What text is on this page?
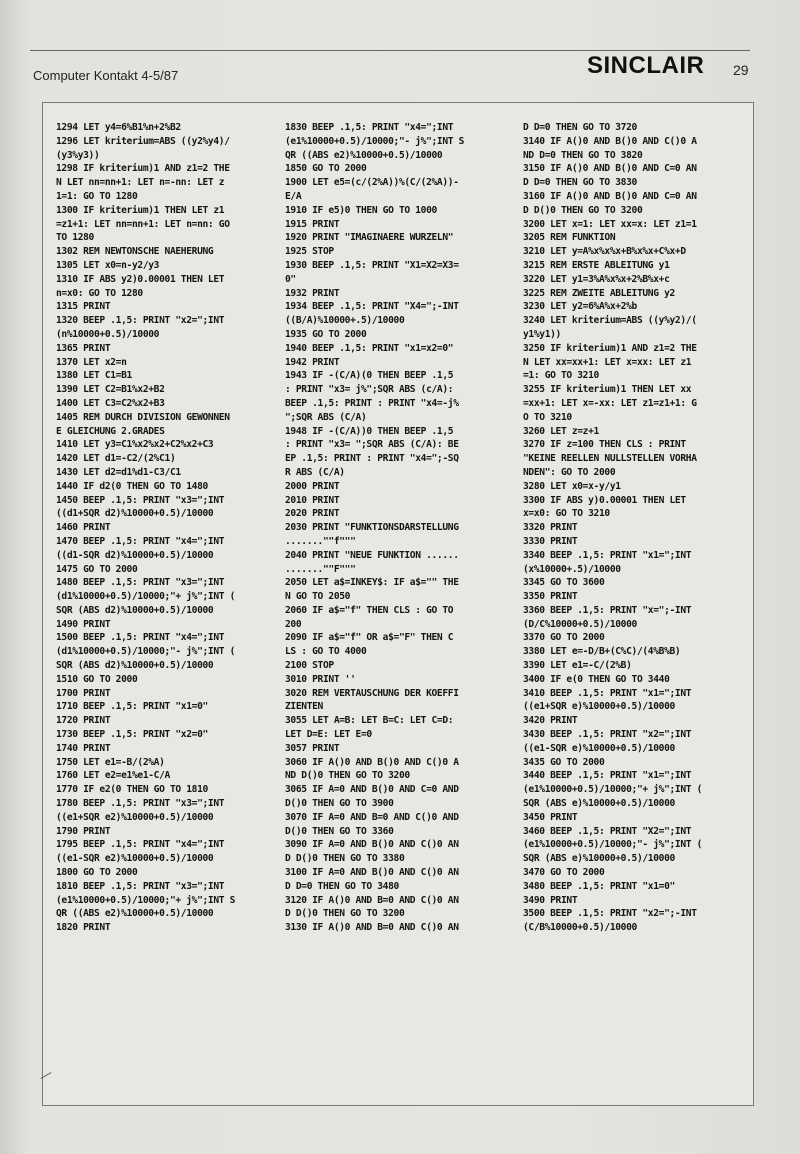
Computer Kontakt 4-5/87	SINCLAIR 29
1294 LET y4=6%B1%n+2%B2
1296 LET kriterium=ABS ((y2%y4)/
(y3%y3))
1298 IF kriterium)1 AND z1=2 THE
N LET nn=nn+1: LET n=-nn: LET z
1=1: GO TO 1280
1300 IF kriterium)1 THEN LET z1
=z1+1: LET nn=nn+1: LET n=nn: GO
TO 1280
1302 REM NEWTONSCHE NAEHERUNG
1305 LET x0=n-y2/y3
1310 IF ABS y2)0.00001 THEN LET
n=x0: GO TO 1280
1315 PRINT
1320 BEEP .1,5: PRINT "x2=";INT
(n%10000+0.5)/10000
1365 PRINT
1370 LET x2=n
1380 LET C1=B1
1390 LET C2=B1%x2+B2
1400 LET C3=C2%x2+B3
1405 REM DURCH DIVISION GEWONNEN
E GLEICHUNG 2.GRADES
1410 LET y3=C1%x2%x2+C2%x2+C3
1420 LET d1=-C2/(2%C1)
1430 LET d2=d1%d1-C3/C1
1440 IF d2(0 THEN GO TO 1480
1450 BEEP .1,5: PRINT "x3=";INT
((d1+SQR d2)%10000+0.5)/10000
1460 PRINT
1470 BEEP .1,5: PRINT "x4=";INT
((d1-SQR d2)%10000+0.5)/10000
1475 GO TO 2000
1480 BEEP .1,5: PRINT "x3=";INT
(d1%10000+0.5)/10000;"+ j%";INT (
SQR (ABS d2)%10000+0.5)/10000
1490 PRINT
1500 BEEP .1,5: PRINT "x4=";INT
(d1%10000+0.5)/10000;"- j%";INT (
SQR (ABS d2)%10000+0.5)/10000
1510 GO TO 2000
1700 PRINT
1710 BEEP .1,5: PRINT "x1=0"
1720 PRINT
1730 BEEP .1,5: PRINT "x2=0"
1740 PRINT
1750 LET e1=-B/(2%A)
1760 LET e2=e1%e1-C/A
1770 IF e2(0 THEN GO TO 1810
1780 BEEP .1,5: PRINT "x3=";INT
((e1+SQR e2)%10000+0.5)/10000
1790 PRINT
1795 BEEP .1,5: PRINT "x4=";INT
((e1-SQR e2)%10000+0.5)/10000
1800 GO TO 2000
1810 BEEP .1,5: PRINT "x3=";INT
(e1%10000+0.5)/10000;"+ j%";INT S
QR ((ABS e2)%10000+0.5)/10000
1820 PRINT
1830 BEEP .1,5: PRINT "x4=";INT
(e1%10000+0.5)/10000;"- j%";INT S
QR ((ABS e2)%10000+0.5)/10000
1850 GO TO 2000
1900 LET e5=(c/(2%A))%(C/(2%A))-
E/A
1910 IF e5)0 THEN GO TO 1000
1915 PRINT
1920 PRINT "IMAGINAERE WURZELN"
1925 STOP
1930 BEEP .1,5: PRINT "X1=X2=X3=
0"
1932 PRINT
1934 BEEP .1,5: PRINT "X4=";-INT
((B/A)%10000+.5)/10000
1935 GO TO 2000
1940 BEEP .1,5: PRINT "x1=x2=0"
1942 PRINT
1943 IF -(C/A)(0 THEN BEEP .1,5
: PRINT "x3= j%";SQR ABS (c/A):
BEEP .1,5: PRINT : PRINT "x4=-j%
";SQR ABS (C/A)
1948 IF -(C/A))0 THEN BEEP .1,5
: PRINT "x3= ";SQR ABS (C/A): BE
EP .1,5: PRINT : PRINT "x4=";-SQ
R ABS (C/A)
2000 PRINT
2010 PRINT
2020 PRINT
2030 PRINT "FUNKTIONSDARSTELLUNG
.......""f"""
2040 PRINT "NEUE FUNKTION ......
.......""F"""
2050 LET a$=INKEY$: IF a$="" THE
N GO TO 2050
2060 IF a$="f" THEN CLS : GO TO
200
2090 IF a$="f" OR a$="F" THEN C
LS : GO TO 4000
2100 STOP
3010 PRINT ''
3020 REM VERTAUSCHUNG DER KOEFFI
ZIENTEN
3055 LET A=B: LET B=C: LET C=D:
LET D=E: LET E=0
3057 PRINT
3060 IF A()0 AND B()0 AND C()0 A
ND D()0 THEN GO TO 3200
3065 IF A=0 AND B()0 AND C=0 AND
D()0 THEN GO TO 3900
3070 IF A=0 AND B=0 AND C()0 AND
D()0 THEN GO TO 3360
3090 IF A=0 AND B()0 AND C()0 AN
D D()0 THEN GO TO 3380
3100 IF A=0 AND B()0 AND C()0 AN
D D=0 THEN GO TO 3480
3120 IF A()0 AND B=0 AND C()0 AN
D D()0 THEN GO TO 3200
3130 IF A()0 AND B=0 AND C()0 AN
D D=0 THEN GO TO 3720
3140 IF A()0 AND B()0 AND C()0 A
ND D=0 THEN GO TO 3820
3150 IF A()0 AND B()0 AND C=0 AN
D D=0 THEN GO TO 3830
3160 IF A()0 AND B()0 AND C=0 AN
D D()0 THEN GO TO 3200
3200 LET x=1: LET xx=x: LET z1=1
3205 REM FUNKTION
3210 LET y=A%x%x%x+B%x%x+C%x+D
3215 REM ERSTE ABLEITUNG y1
3220 LET y1=3%A%x%x+2%B%x+c
3225 REM ZWEITE ABLEITUNG y2
3230 LET y2=6%A%x+2%b
3240 LET kriterium=ABS ((y%y2)/(
y1%y1))
3250 IF kriterium)1 AND z1=2 THE
N LET xx=xx+1: LET x=xx: LET z1
=1: GO TO 3210
3255 IF kriterium)1 THEN LET xx
=xx+1: LET x=-xx: LET z1=z1+1: G
O TO 3210
3260 LET z=z+1
3270 IF z=100 THEN CLS : PRINT
"KEINE REELLEN NULLSTELLEN VORHA
NDEN": GO TO 2000
3280 LET x0=x-y/y1
3300 IF ABS y)0.00001 THEN LET
x=x0: GO TO 3210
3320 PRINT
3330 PRINT
3340 BEEP .1,5: PRINT "x1=";INT
(x%10000+.5)/10000
3345 GO TO 3600
3350 PRINT
3360 BEEP .1,5: PRINT "x=";-INT
(D/C%10000+0.5)/10000
3370 GO TO 2000
3380 LET e=-D/B+(C%C)/(4%B%B)
3390 LET e1=-C/(2%B)
3400 IF e(0 THEN GO TO 3440
3410 BEEP .1,5: PRINT "x1=";INT
((e1+SQR e)%10000+0.5)/10000
3420 PRINT
3430 BEEP .1,5: PRINT "x2=";INT
((e1-SQR e)%10000+0.5)/10000
3435 GO TO 2000
3440 BEEP .1,5: PRINT "x1=";INT
(e1%10000+0.5)/10000;"+ j%";INT (
SQR (ABS e)%10000+0.5)/10000
3450 PRINT
3460 BEEP .1,5: PRINT "X2=";INT
(e1%10000+0.5)/10000;"- j%";INT (
SQR (ABS e)%10000+0.5)/10000
3470 GO TO 2000
3480 BEEP .1,5: PRINT "x1=0"
3490 PRINT
3500 BEEP .1,5: PRINT "x2=";-INT
(C/B%10000+0.5)/10000
